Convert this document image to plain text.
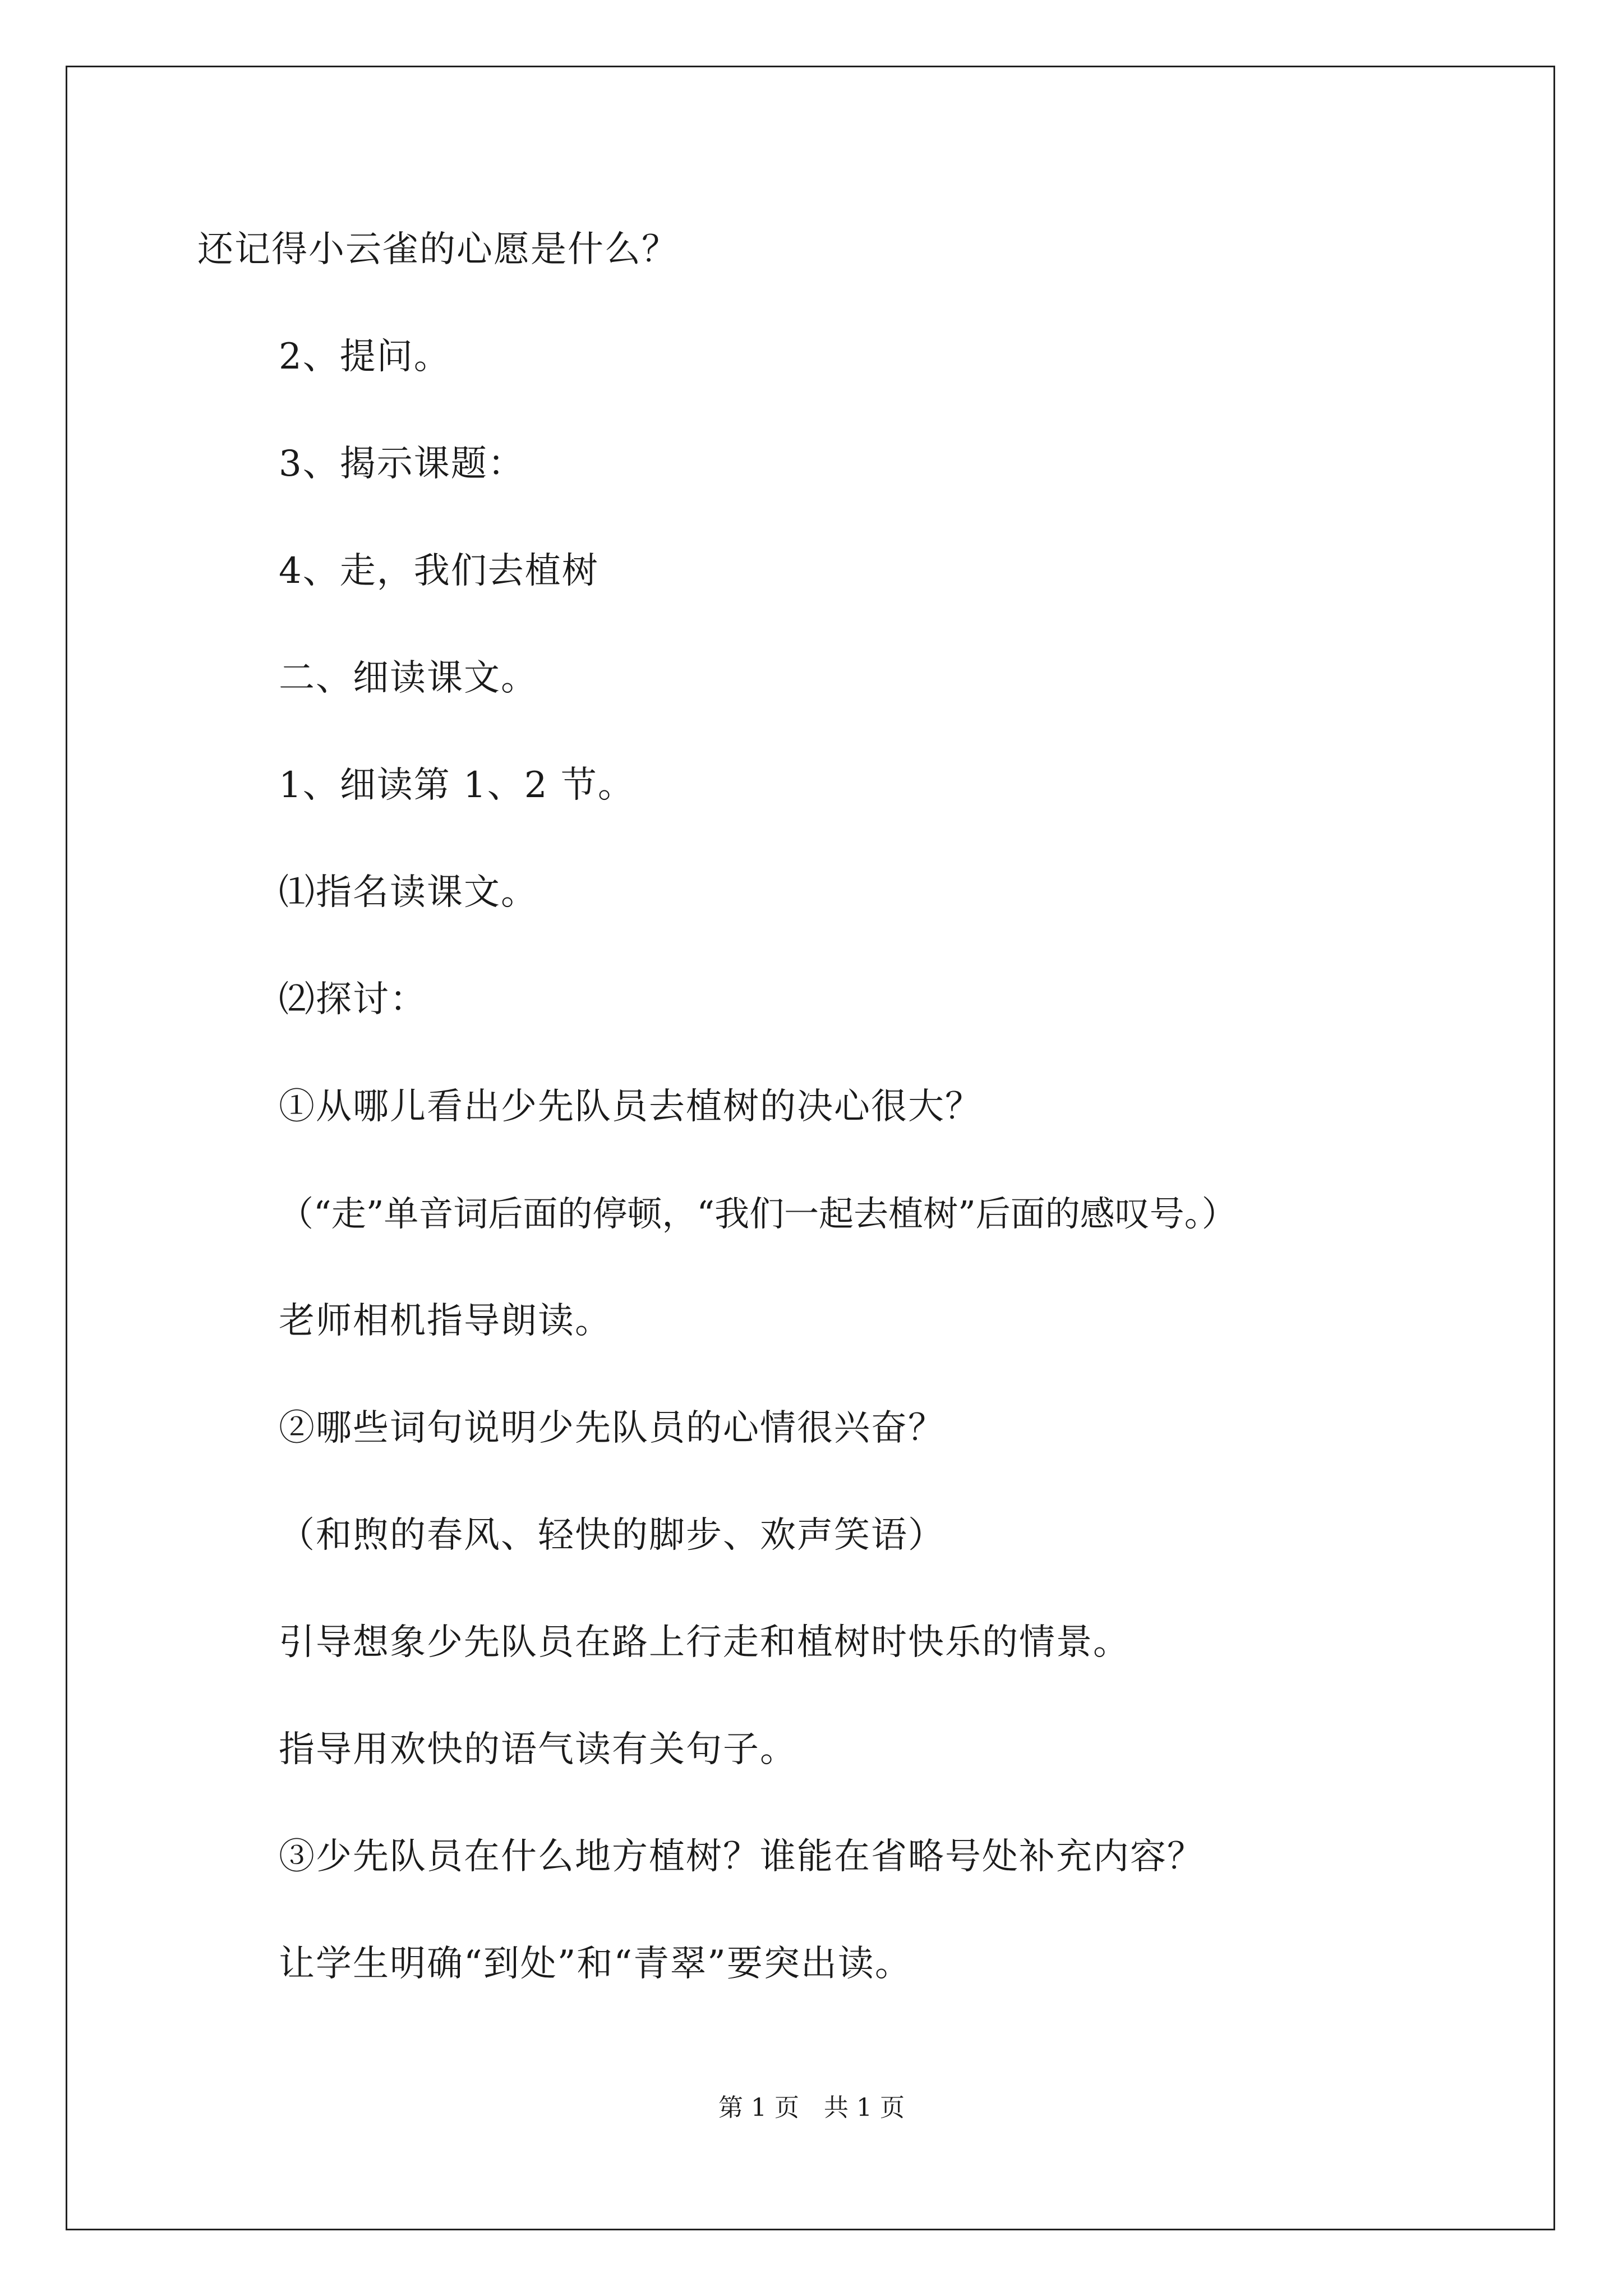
还记得小云雀的心愿是什么？
2、提问。
3、揭示课题：
4、走，我们去植树
二、细读课文。
1、细读第 1、2 节。
⑴指名读课文。
⑵探讨：
①从哪儿看出少先队员去植树的决心很大？
（“走”单音词后面的停顿，“我们一起去植树”后面的感叹号。）
老师相机指导朗读。
②哪些词句说明少先队员的心情很兴奋？
（和煦的春风、轻快的脚步、欢声笑语）
引导想象少先队员在路上行走和植树时快乐的情景。
指导用欢快的语气读有关句子。
③少先队员在什么地方植树？谁能在省略号处补充内容？
让学生明确“到处”和“青翠”要突出读。
第 1 页　共 1 页
